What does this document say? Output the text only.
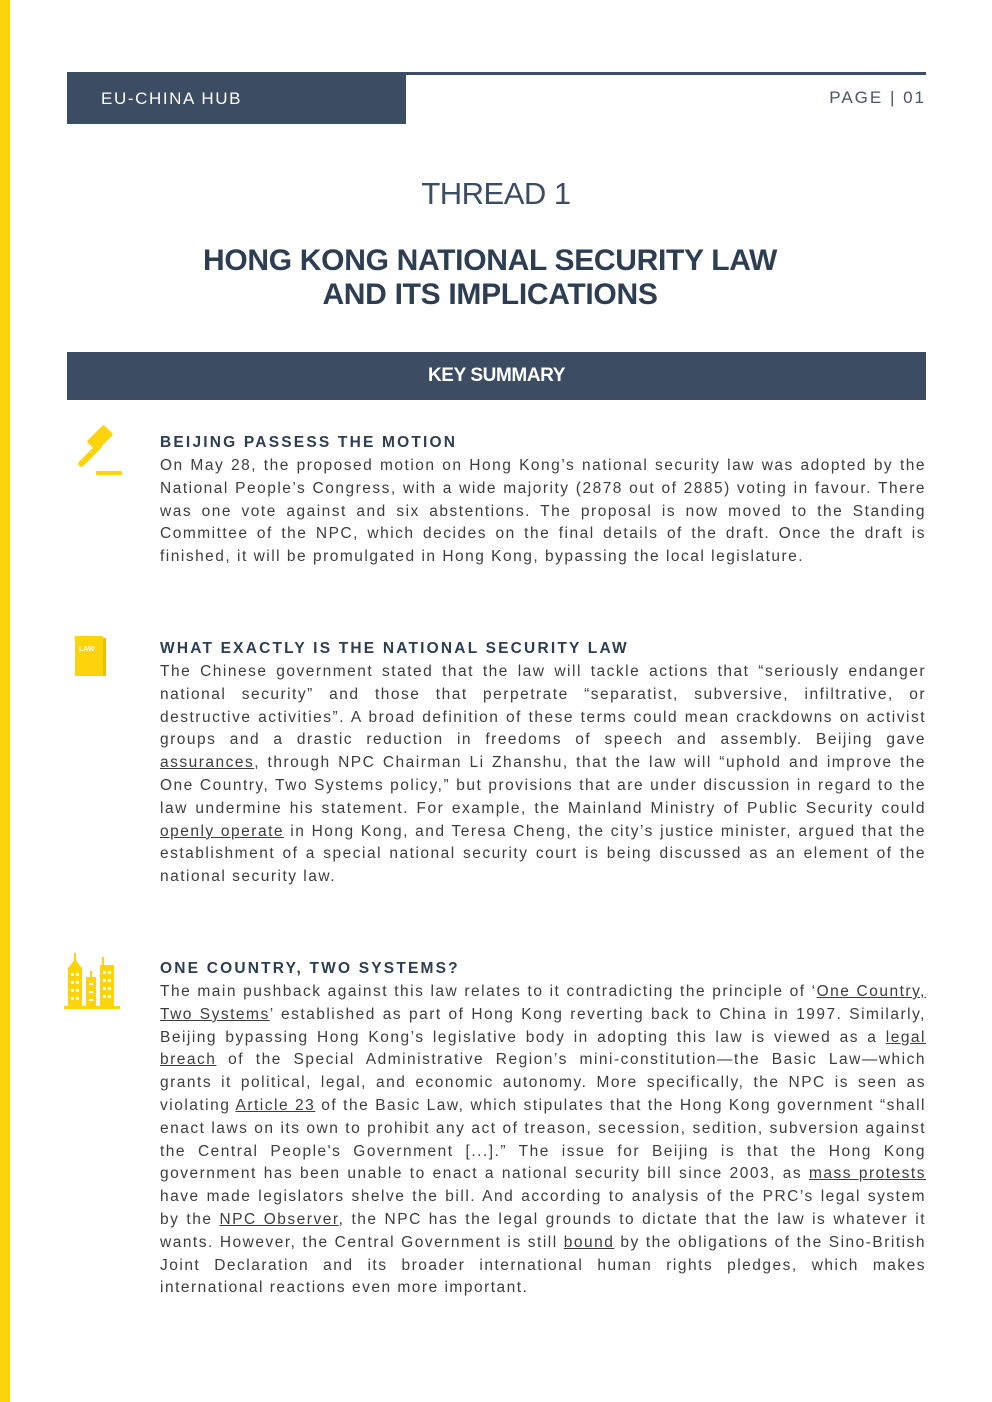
EU-CHINA HUB	PAGE | 01
THREAD 1
HONG KONG NATIONAL SECURITY LAW
AND ITS IMPLICATIONS
KEY SUMMARY
BEIJING PASSESS THE MOTION

On May 28, the proposed motion on Hong Kong’s national security law was adopted by the National People’s Congress, with a wide majority (2878 out of 2885) voting in favour. There was one vote against and six abstentions. The proposal is now moved to the Standing Committee of the NPC, which decides on the final details of the draft. Once the draft is finished, it will be promulgated in Hong Kong, bypassing the local legislature.

LAW	WHAT EXACTLY IS THE NATIONAL SECURITY LAW

The Chinese government stated that the law will tackle actions that “seriously endanger national security” and those that perpetrate “separatist, subversive, infiltrative, or destructive activities”. A broad definition of these terms could mean crackdowns on activist groups and a drastic reduction in freedoms of speech and assembly. Beijing gave assurances, through NPC Chairman Li Zhanshu, that the law will “uphold and improve the One Country, Two Systems policy,” but provisions that are under discussion in regard to the law undermine his statement. For example, the Mainland Ministry of Public Security could openly operate in Hong Kong, and Teresa Cheng, the city’s justice minister, argued that the establishment of a special national security court is being discussed as an element of the national security law.

ONE COUNTRY, TWO SYSTEMS?

The main pushback against this law relates to it contradicting the principle of ‘One Country, Two Systems’ established as part of Hong Kong reverting back to China in 1997. Similarly, Beijing bypassing Hong Kong’s legislative body in adopting this law is viewed as a legal breach of the Special Administrative Region’s mini-constitution—the Basic Law—which grants it political, legal, and economic autonomy. More specifically, the NPC is seen as violating Article 23 of the Basic Law, which stipulates that the Hong Kong government “shall enact laws on its own to prohibit any act of treason, secession, sedition, subversion against the Central People's Government [...].” The issue for Beijing is that the Hong Kong government has been unable to enact a national security bill since 2003, as mass protests have made legislators shelve the bill. And according to analysis of the PRC’s legal system by the NPC Observer, the NPC has the legal grounds to dictate that the law is whatever it wants. However, the Central Government is still bound by the obligations of the Sino-British Joint Declaration and its broader international human rights pledges, which makes international reactions even more important.
